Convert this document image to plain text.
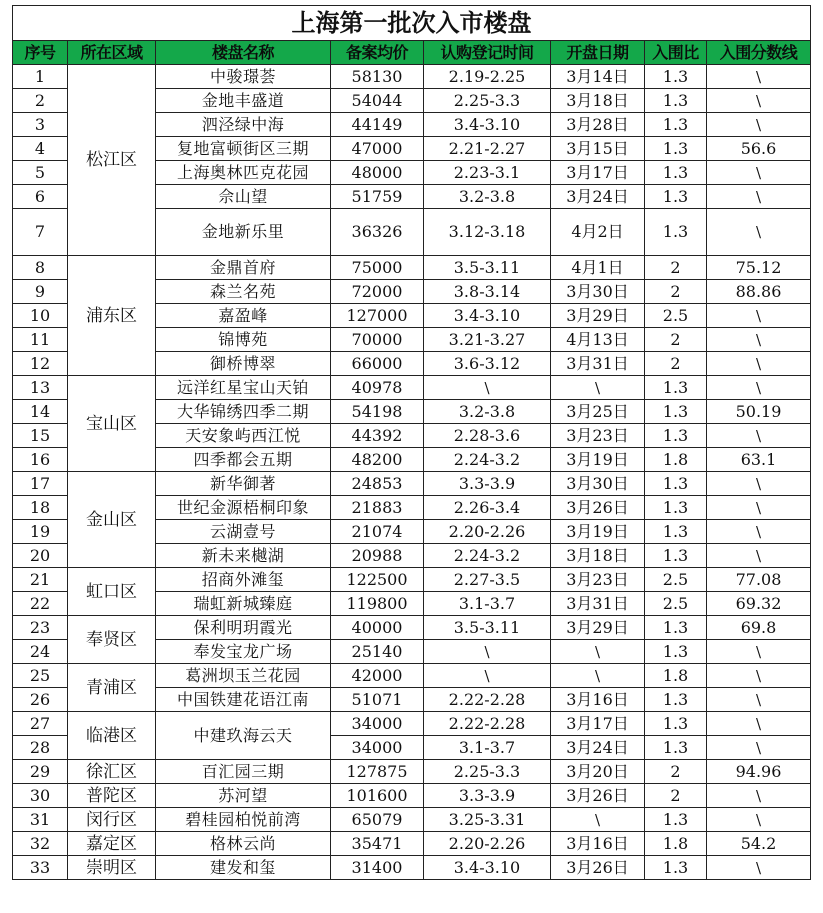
上海第一批次入市楼盘							
序号	所在区域	楼盘名称	备案均价	认购登记时间	开盘日期	入围比	入围分数线
1	松江区	中骏璟荟	58130	2.19-2.25	3月14日	1.3	\
2		金地丰盛道	54044	2.25-3.3	3月18日	1.3	\
3		泗泾绿中海	44149	3.4-3.10	3月28日	1.3	\
4		复地富顿街区三期	47000	2.21-2.27	3月15日	1.3	56.6
5		上海奥林匹克花园	48000	2.23-3.1	3月17日	1.3	\
6		佘山望	51759	3.2-3.8	3月24日	1.3	\
7		金地新乐里	36326	3.12-3.18	4月2日	1.3	\
8	浦东区	金鼎首府	75000	3.5-3.11	4月1日	2	75.12
9		森兰名苑	72000	3.8-3.14	3月30日	2	88.86
10		嘉盈峰	127000	3.4-3.10	3月29日	2.5	\
11		锦博苑	70000	3.21-3.27	4月13日	2	\
12		御桥博翠	66000	3.6-3.12	3月31日	2	\
13	宝山区	远洋红星宝山天铂	40978	\	\	1.3	\
14		大华锦绣四季二期	54198	3.2-3.8	3月25日	1.3	50.19
15		天安象屿西江悦	44392	2.28-3.6	3月23日	1.3	\
16		四季都会五期	48200	2.24-3.2	3月19日	1.8	63.1
17	金山区	新华御著	24853	3.3-3.9	3月30日	1.3	\
18		世纪金源梧桐印象	21883	2.26-3.4	3月26日	1.3	\
19		云湖壹号	21074	2.20-2.26	3月19日	1.3	\
20		新未来樾湖	20988	2.24-3.2	3月18日	1.3	\
21	虹口区	招商外滩玺	122500	2.27-3.5	3月23日	2.5	77.08
22		瑞虹新城臻庭	119800	3.1-3.7	3月31日	2.5	69.32
23	奉贤区	保利明玥霞光	40000	3.5-3.11	3月29日	1.3	69.8
24		奉发宝龙广场	25140	\	\	1.3	\
25	青浦区	葛洲坝玉兰花园	42000	\	\	1.8	\
26		中国铁建花语江南	51071	2.22-2.28	3月16日	1.3	\
27	临港区	中建玖海云天	34000	2.22-2.28	3月17日	1.3	\
28			34000	3.1-3.7	3月24日	1.3	\
29	徐汇区	百汇园三期	127875	2.25-3.3	3月20日	2	94.96
30	普陀区	苏河望	101600	3.3-3.9	3月26日	2	\
31	闵行区	碧桂园柏悦前湾	65079	3.25-3.31	\	1.3	\
32	嘉定区	格林云尚	35471	2.20-2.26	3月16日	1.8	54.2
33	崇明区	建发和玺	31400	3.4-3.10	3月26日	1.3	\
